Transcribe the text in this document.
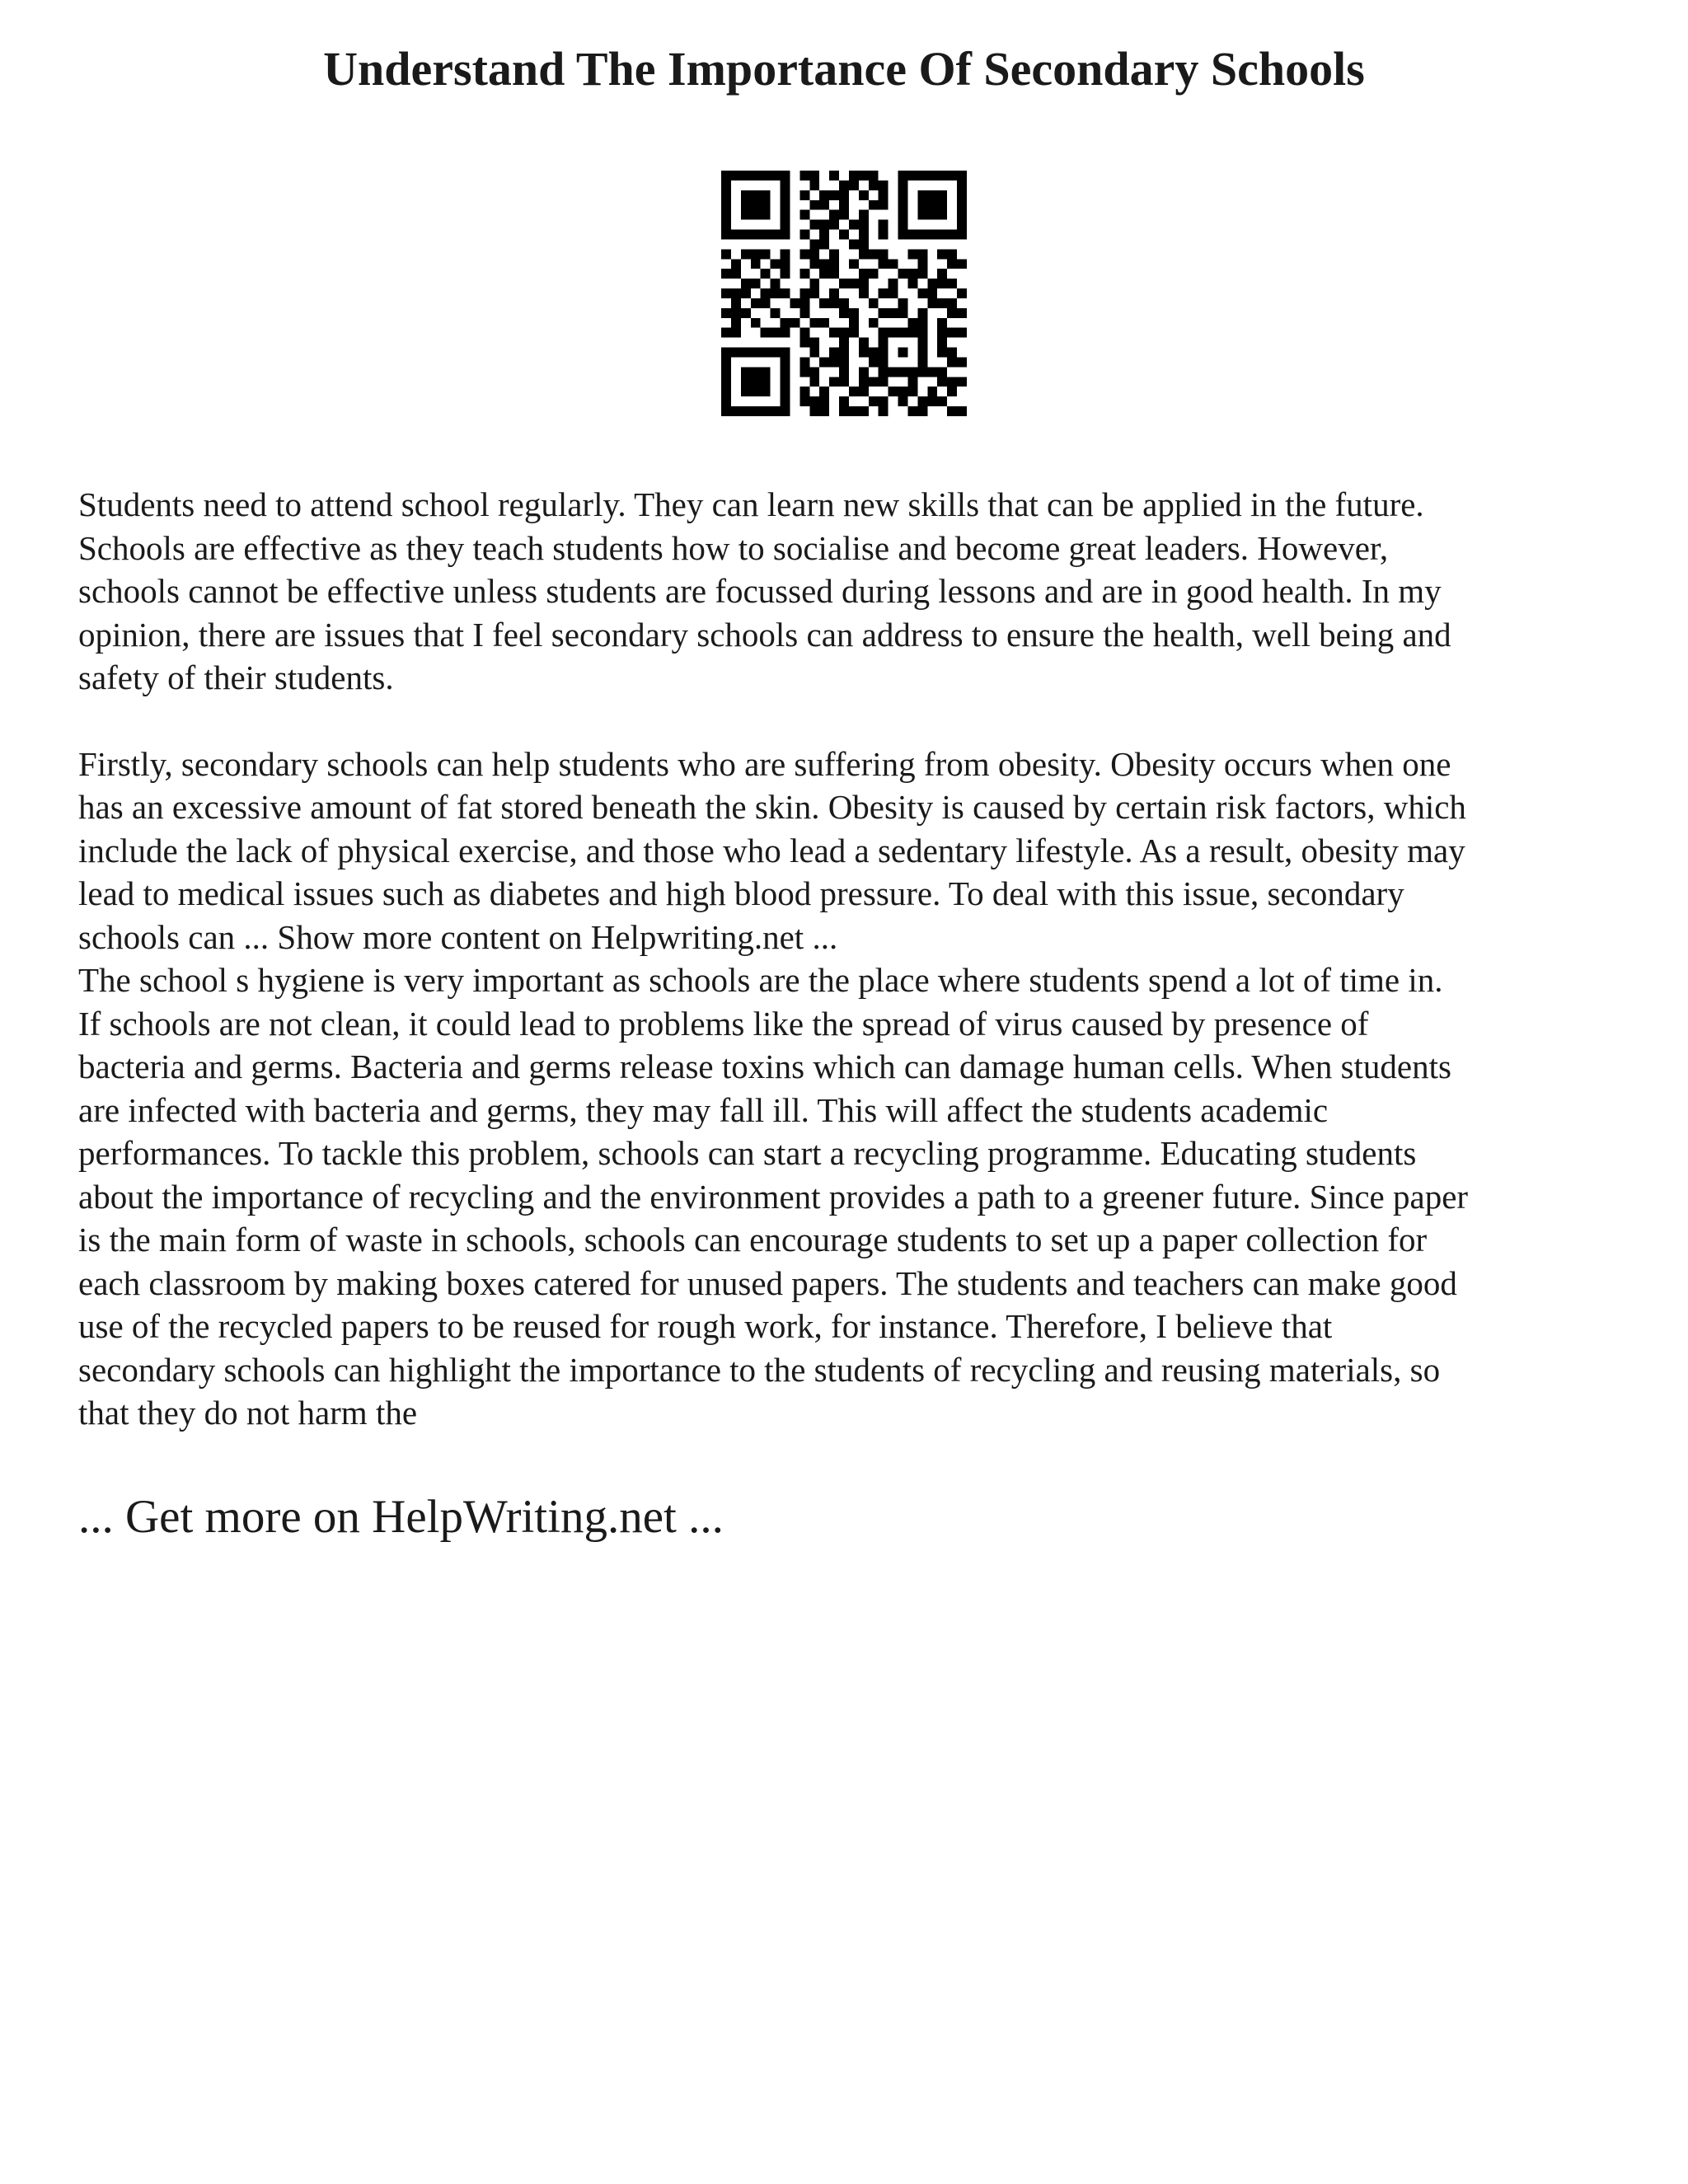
Understand The Importance Of Secondary Schools

Students need to attend school regularly. They can learn new skills that can be applied in the future.
Schools are effective as they teach students how to socialise and become great leaders. However,
schools cannot be effective unless students are focussed during lessons and are in good health. In my
opinion, there are issues that I feel secondary schools can address to ensure the health, well being and
safety of their students.

Firstly, secondary schools can help students who are suffering from obesity. Obesity occurs when one
has an excessive amount of fat stored beneath the skin. Obesity is caused by certain risk factors, which
include the lack of physical exercise, and those who lead a sedentary lifestyle. As a result, obesity may
lead to medical issues such as diabetes and high blood pressure. To deal with this issue, secondary
schools can ... Show more content on Helpwriting.net ...

The school s hygiene is very important as schools are the place where students spend a lot of time in.
If schools are not clean, it could lead to problems like the spread of virus caused by presence of
bacteria and germs. Bacteria and germs release toxins which can damage human cells. When students
are infected with bacteria and germs, they may fall ill. This will affect the students academic
performances. To tackle this problem, schools can start a recycling programme. Educating students
about the importance of recycling and the environment provides a path to a greener future. Since paper
is the main form of waste in schools, schools can encourage students to set up a paper collection for
each classroom by making boxes catered for unused papers. The students and teachers can make good
use of the recycled papers to be reused for rough work, for instance. Therefore, I believe that
secondary schools can highlight the importance to the students of recycling and reusing materials, so
that they do not harm the

... Get more on HelpWriting.net ...
